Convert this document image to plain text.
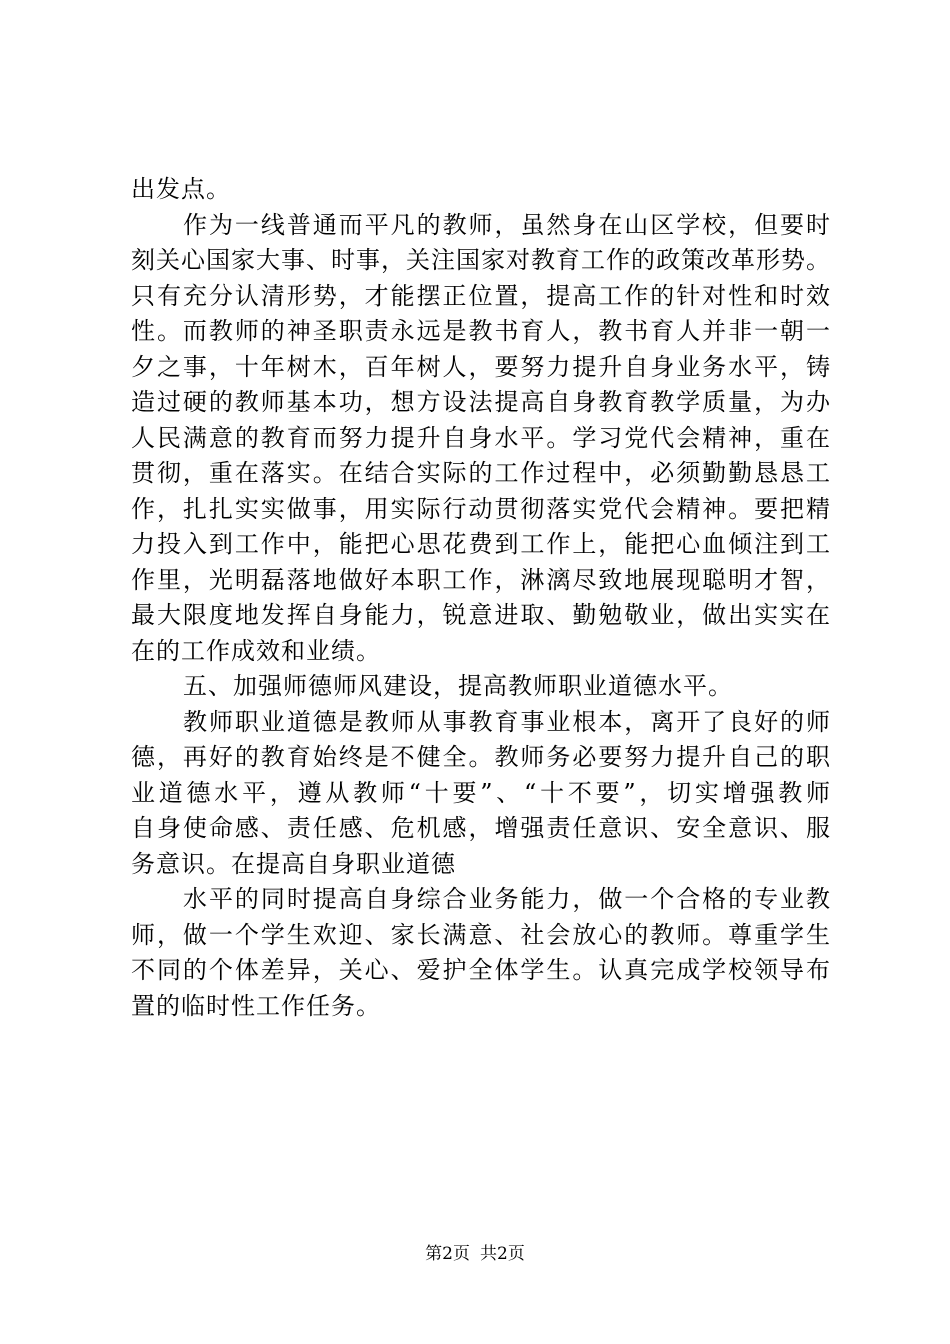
出发点。
作为一线普通而平凡的教师，虽然身在山区学校，但要时
刻关心国家大事、时事，关注国家对教育工作的政策改革形势。
只有充分认清形势，才能摆正位置，提高工作的针对性和时效
性。而教师的神圣职责永远是教书育人，教书育人并非一朝一
夕之事，十年树木，百年树人，要努力提升自身业务水平，铸
造过硬的教师基本功，想方设法提高自身教育教学质量，为办
人民满意的教育而努力提升自身水平。学习党代会精神，重在
贯彻，重在落实。在结合实际的工作过程中，必须勤勤恳恳工
作，扎扎实实做事，用实际行动贯彻落实党代会精神。要把精
力投入到工作中，能把心思花费到工作上，能把心血倾注到工
作里，光明磊落地做好本职工作，淋漓尽致地展现聪明才智，
最大限度地发挥自身能力，锐意进取、勤勉敬业，做出实实在
在的工作成效和业绩。
五、加强师德师风建设，提高教师职业道德水平。
教师职业道德是教师从事教育事业根本，离开了良好的师
德，再好的教育始终是不健全。教师务必要努力提升自己的职
业道德水平，遵从教师“十要”、“十不要”，切实增强教师
自身使命感、责任感、危机感，增强责任意识、安全意识、服
务意识。在提高自身职业道德
水平的同时提高自身综合业务能力，做一个合格的专业教
师，做一个学生欢迎、家长满意、社会放心的教师。尊重学生
不同的个体差异，关心、爱护全体学生。认真完成学校领导布
置的临时性工作任务。
第2页 共2页
